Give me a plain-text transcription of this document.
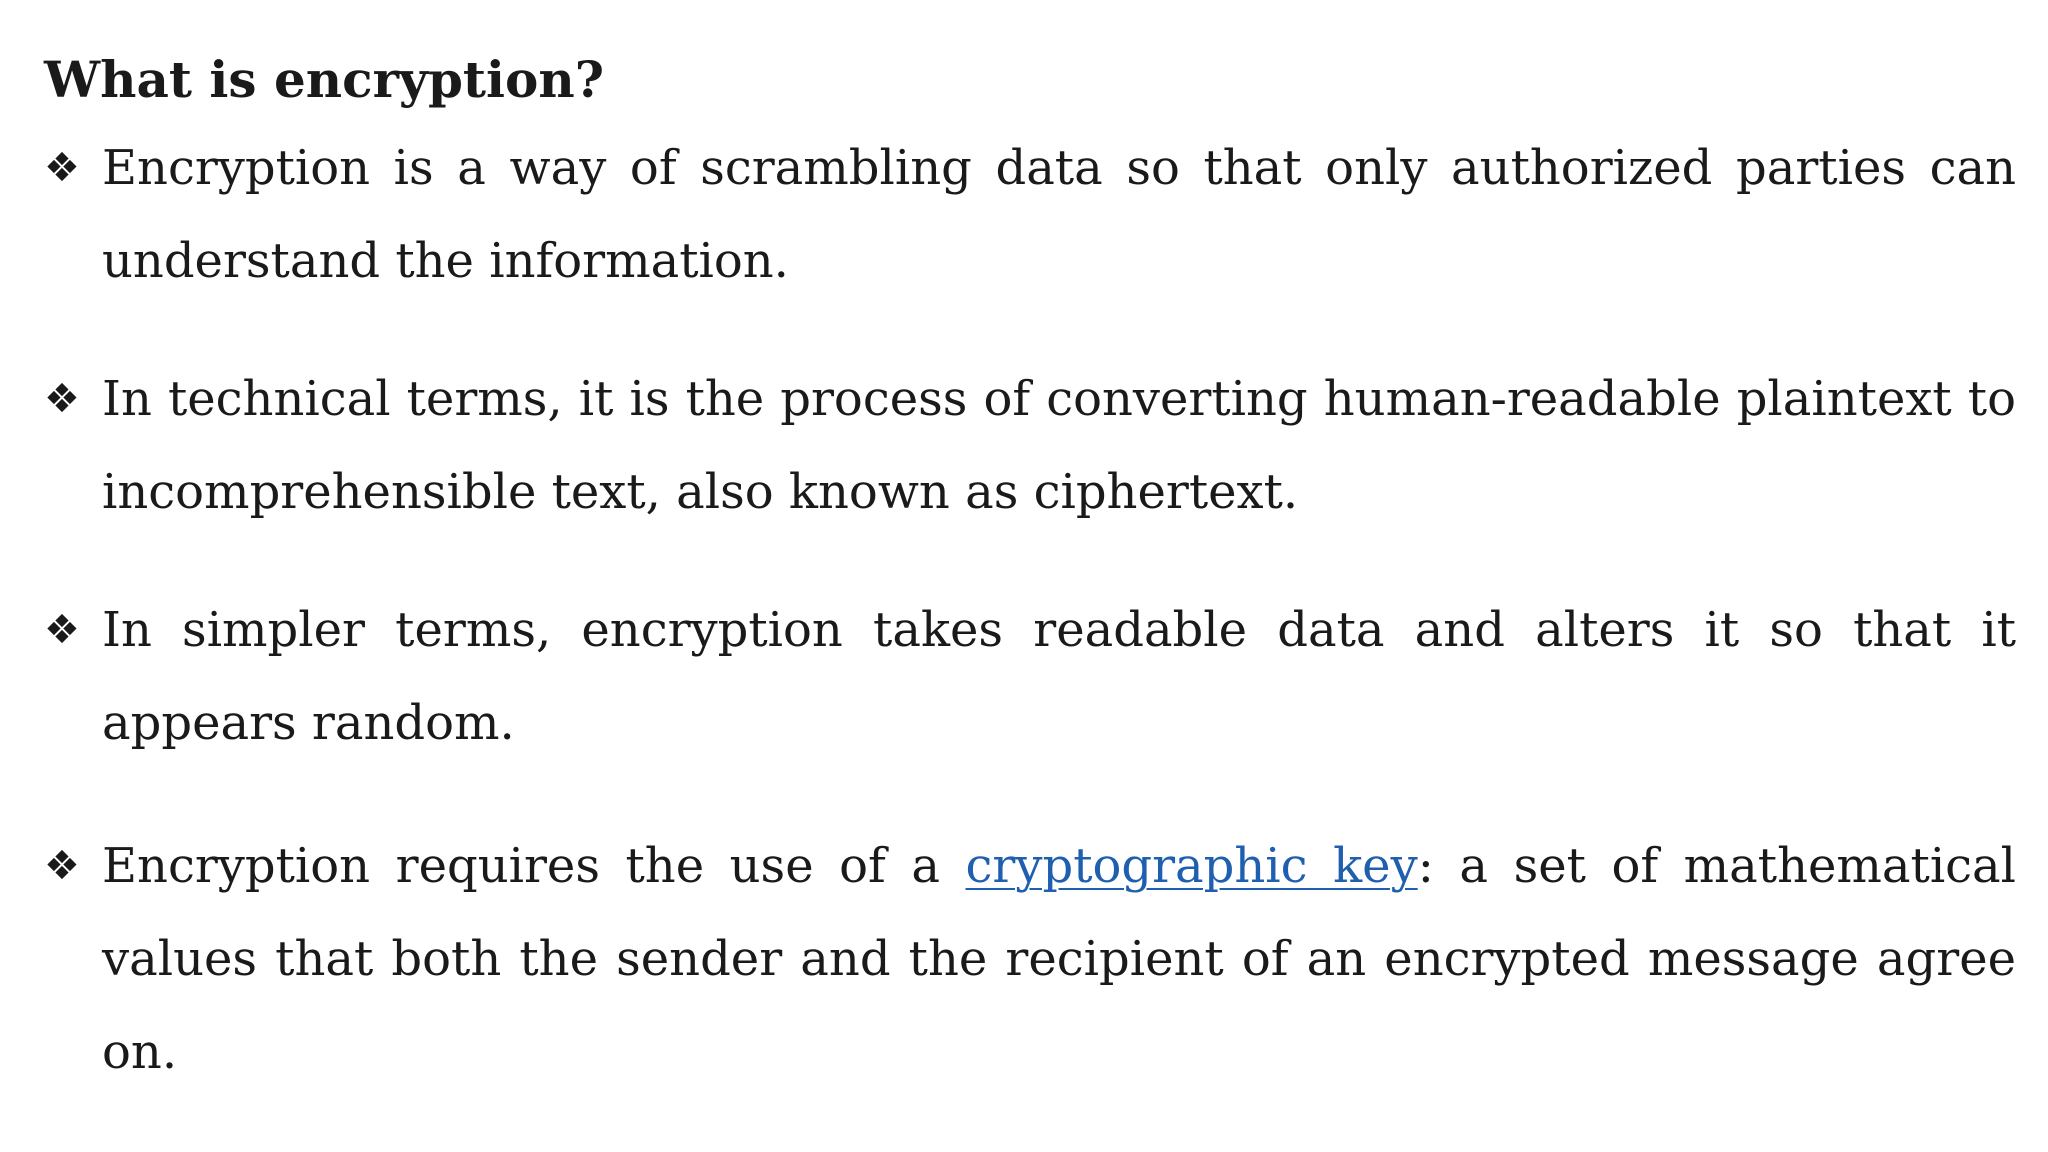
What is encryption?

❖ Encryption is a way of scrambling data so that only authorized parties can understand the information.

❖ In technical terms, it is the process of converting human-readable plaintext to incomprehensible text, also known as ciphertext.

❖ In simpler terms, encryption takes readable data and alters it so that it appears random.

❖ Encryption requires the use of a cryptographic key: a set of mathematical values that both the sender and the recipient of an encrypted message agree on.
